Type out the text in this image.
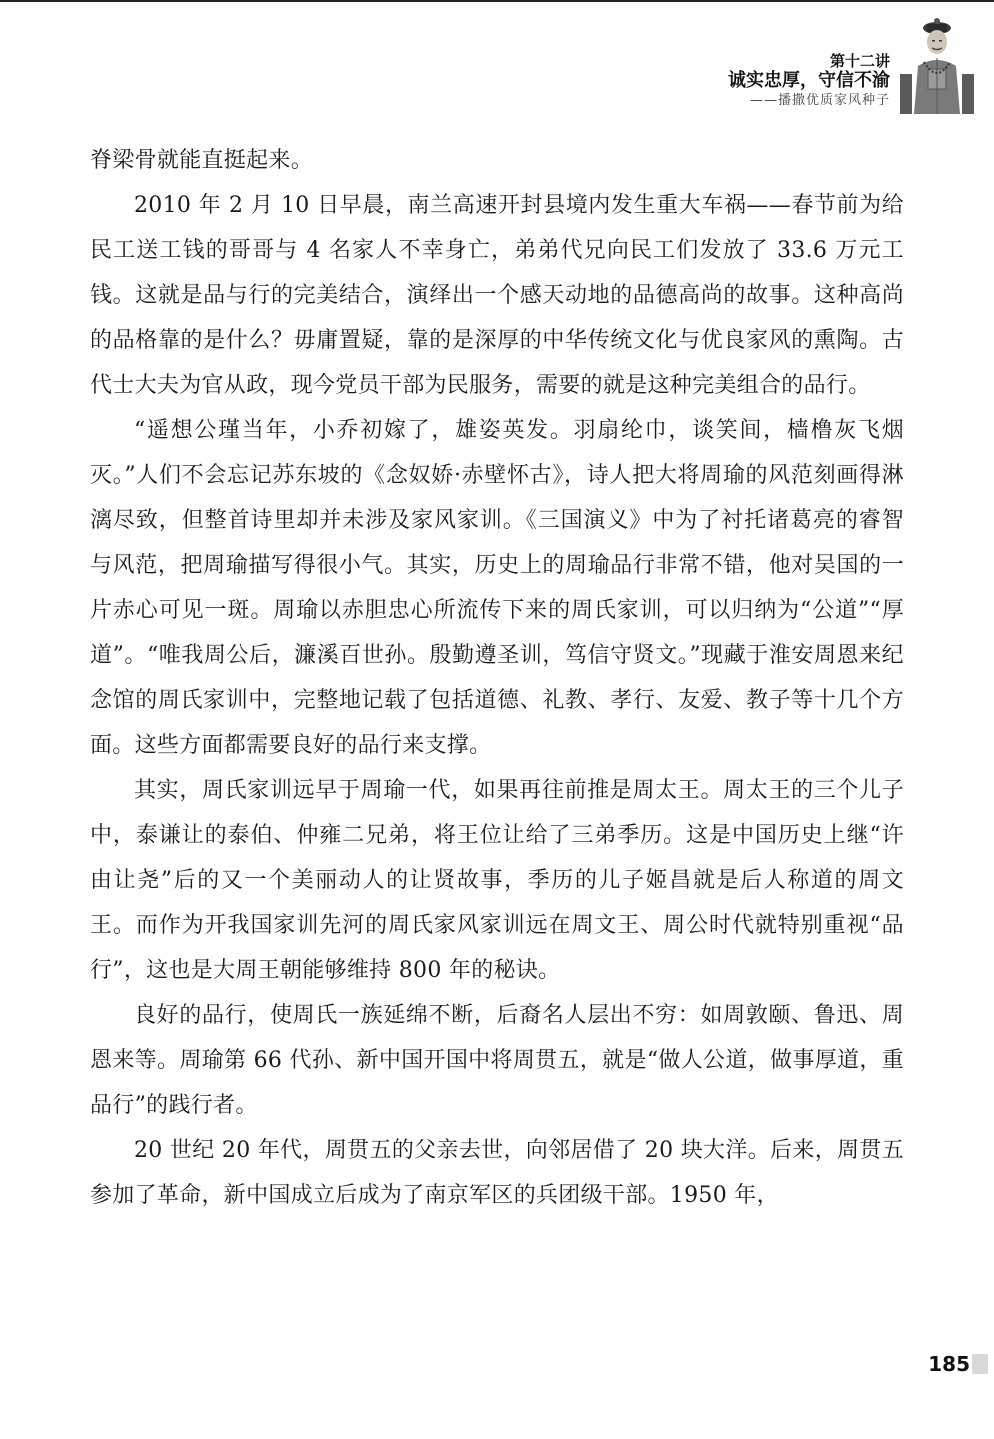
第十二讲
诚实忠厚，守信不渝
——播撒优质家风种子

脊梁骨就能直挺起来。

2010 年 2 月 10 日早晨，南兰高速开封县境内发生重大车祸——春节前为给民工送工钱的哥哥与 4 名家人不幸身亡，弟弟代兄向民工们发放了 33.6 万元工钱。这就是品与行的完美结合，演绎出一个感天动地的品德高尚的故事。这种高尚的品格靠的是什么？毋庸置疑，靠的是深厚的中华传统文化与优良家风的熏陶。古代士大夫为官从政，现今党员干部为民服务，需要的就是这种完美组合的品行。

“遥想公瑾当年，小乔初嫁了，雄姿英发。羽扇纶巾，谈笑间，樯橹灰飞烟灭。”人们不会忘记苏东坡的《念奴娇·赤壁怀古》，诗人把大将周瑜的风范刻画得淋漓尽致，但整首诗里却并未涉及家风家训。《三国演义》中为了衬托诸葛亮的睿智与风范，把周瑜描写得很小气。其实，历史上的周瑜品行非常不错，他对吴国的一片赤心可见一斑。周瑜以赤胆忠心所流传下来的周氏家训，可以归纳为“公道”“厚道”。“唯我周公后，濂溪百世孙。殷勤遵圣训，笃信守贤文。”现藏于淮安周恩来纪念馆的周氏家训中，完整地记载了包括道德、礼教、孝行、友爱、教子等十几个方面。这些方面都需要良好的品行来支撑。

其实，周氏家训远早于周瑜一代，如果再往前推是周太王。周太王的三个儿子中，泰谦让的泰伯、仲雍二兄弟，将王位让给了三弟季历。这是中国历史上继“许由让尧”后的又一个美丽动人的让贤故事，季历的儿子姬昌就是后人称道的周文王。而作为开我国家训先河的周氏家风家训远在周文王、周公时代就特别重视“品行”，这也是大周王朝能够维持 800 年的秘诀。

良好的品行，使周氏一族延绵不断，后裔名人层出不穷：如周敦颐、鲁迅、周恩来等。周瑜第 66 代孙、新中国开国中将周贯五，就是“做人公道，做事厚道，重品行”的践行者。

20 世纪 20 年代，周贯五的父亲去世，向邻居借了 20 块大洋。后来，周贯五参加了革命，新中国成立后成为了南京军区的兵团级干部。1950 年，

185
